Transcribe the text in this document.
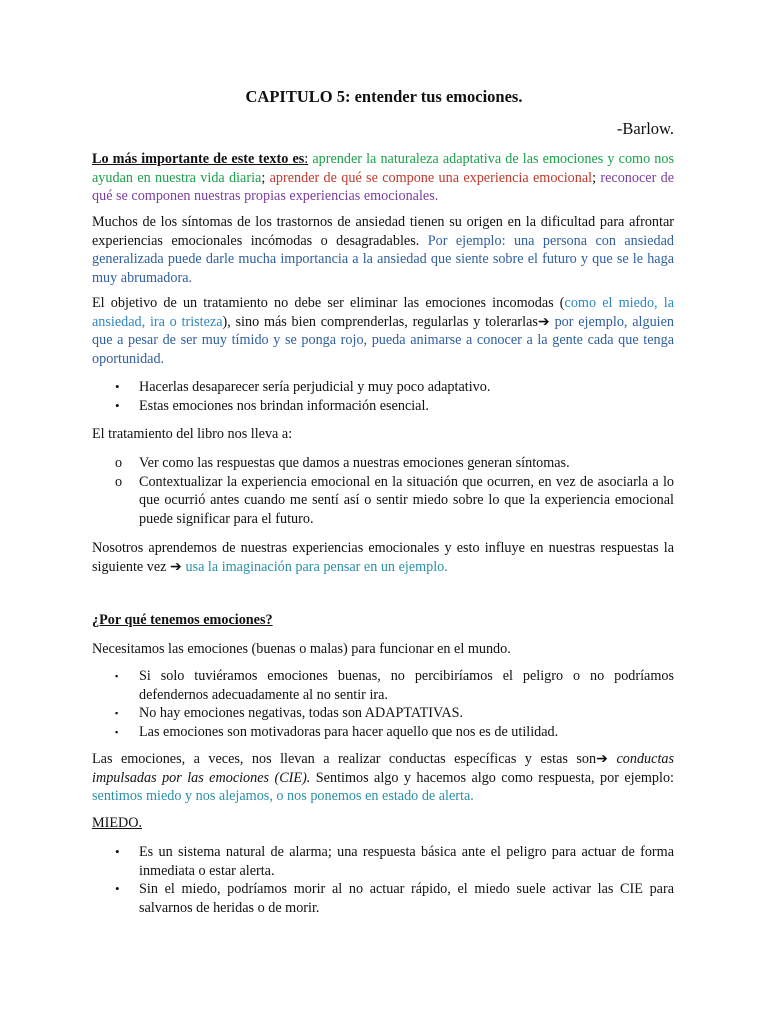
CAPITULO 5: entender tus emociones.
-Barlow.

Lo más importante de este texto es: aprender la naturaleza adaptativa de las emociones y como nos ayudan en nuestra vida diaria; aprender de qué se compone una experiencia emocional; reconocer de qué se componen nuestras propias experiencias emocionales.

Muchos de los síntomas de los trastornos de ansiedad tienen su origen en la dificultad para afrontar experiencias emocionales incómodas o desagradables. Por ejemplo: una persona con ansiedad generalizada puede darle mucha importancia a la ansiedad que siente sobre el futuro y que se le haga muy abrumadora.

El objetivo de un tratamiento no debe ser eliminar las emociones incomodas (como el miedo, la ansiedad, ira o tristeza), sino más bien comprenderlas, regularlas y tolerarlas➔ por ejemplo, alguien que a pesar de ser muy tímido y se ponga rojo, pueda animarse a conocer a la gente cada que tenga oportunidad.

• Hacerlas desaparecer sería perjudicial y muy poco adaptativo.
• Estas emociones nos brindan información esencial.

El tratamiento del libro nos lleva a:

o Ver como las respuestas que damos a nuestras emociones generan síntomas.
o Contextualizar la experiencia emocional en la situación que ocurren, en vez de asociarla a lo que ocurrió antes cuando me sentí así o sentir miedo sobre lo que la experiencia emocional puede significar para el futuro.

Nosotros aprendemos de nuestras experiencias emocionales y esto influye en nuestras respuestas la siguiente vez ➔ usa la imaginación para pensar en un ejemplo.

¿Por qué tenemos emociones?

Necesitamos las emociones (buenas o malas) para funcionar en el mundo.

▪ Si solo tuviéramos emociones buenas, no percibiríamos el peligro o no podríamos defendernos adecuadamente al no sentir ira.
▪ No hay emociones negativas, todas son ADAPTATIVAS.
▪ Las emociones son motivadoras para hacer aquello que nos es de utilidad.

Las emociones, a veces, nos llevan a realizar conductas específicas y estas son➔ conductas impulsadas por las emociones (CIE). Sentimos algo y hacemos algo como respuesta, por ejemplo: sentimos miedo y nos alejamos, o nos ponemos en estado de alerta.

MIEDO.

• Es un sistema natural de alarma; una respuesta básica ante el peligro para actuar de forma inmediata o estar alerta.
• Sin el miedo, podríamos morir al no actuar rápido, el miedo suele activar las CIE para salvarnos de heridas o de morir.
